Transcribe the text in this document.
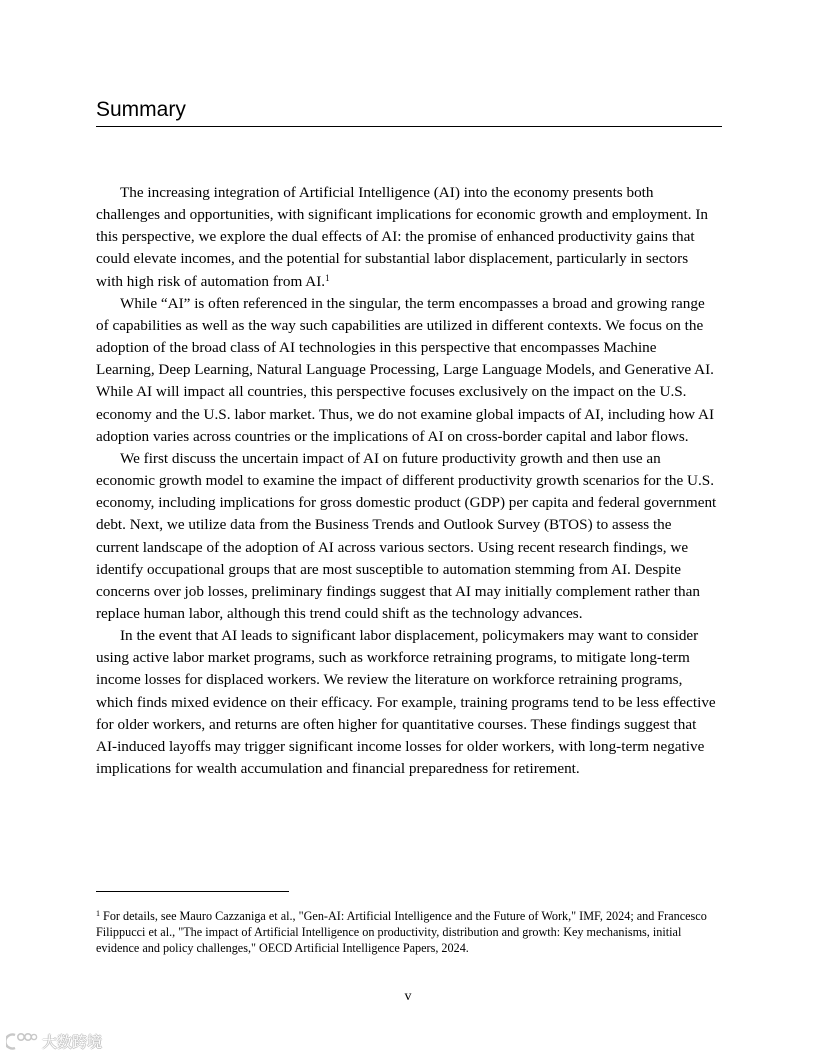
Summary

The increasing integration of Artificial Intelligence (AI) into the economy presents both challenges and opportunities, with significant implications for economic growth and employment. In this perspective, we explore the dual effects of AI: the promise of enhanced productivity gains that could elevate incomes, and the potential for substantial labor displacement, particularly in sectors with high risk of automation from AI.$^1$

While “AI” is often referenced in the singular, the term encompasses a broad and growing range of capabilities as well as the way such capabilities are utilized in different contexts. We focus on the adoption of the broad class of AI technologies in this perspective that encompasses Machine Learning, Deep Learning, Natural Language Processing, Large Language Models, and Generative AI. While AI will impact all countries, this perspective focuses exclusively on the impact on the U.S. economy and the U.S. labor market. Thus, we do not examine global impacts of AI, including how AI adoption varies across countries or the implications of AI on cross-border capital and labor flows.

We first discuss the uncertain impact of AI on future productivity growth and then use an economic growth model to examine the impact of different productivity growth scenarios for the U.S. economy, including implications for gross domestic product (GDP) per capita and federal government debt. Next, we utilize data from the Business Trends and Outlook Survey (BTOS) to assess the current landscape of the adoption of AI across various sectors. Using recent research findings, we identify occupational groups that are most susceptible to automation stemming from AI. Despite concerns over job losses, preliminary findings suggest that AI may initially complement rather than replace human labor, although this trend could shift as the technology advances.

In the event that AI leads to significant labor displacement, policymakers may want to consider using active labor market programs, such as workforce retraining programs, to mitigate long-term income losses for displaced workers. We review the literature on workforce retraining programs, which finds mixed evidence on their efficacy. For example, training programs tend to be less effective for older workers, and returns are often higher for quantitative courses. These findings suggest that AI-induced layoffs may trigger significant income losses for older workers, with long-term negative implications for wealth accumulation and financial preparedness for retirement.

$^1$ For details, see Mauro Cazzaniga et al., "Gen-AI: Artificial Intelligence and the Future of Work," IMF, 2024; and Francesco Filippucci et al., "The impact of Artificial Intelligence on productivity, distribution and growth: Key mechanisms, initial evidence and policy challenges," OECD Artificial Intelligence Papers, 2024.
v
大数跨境
